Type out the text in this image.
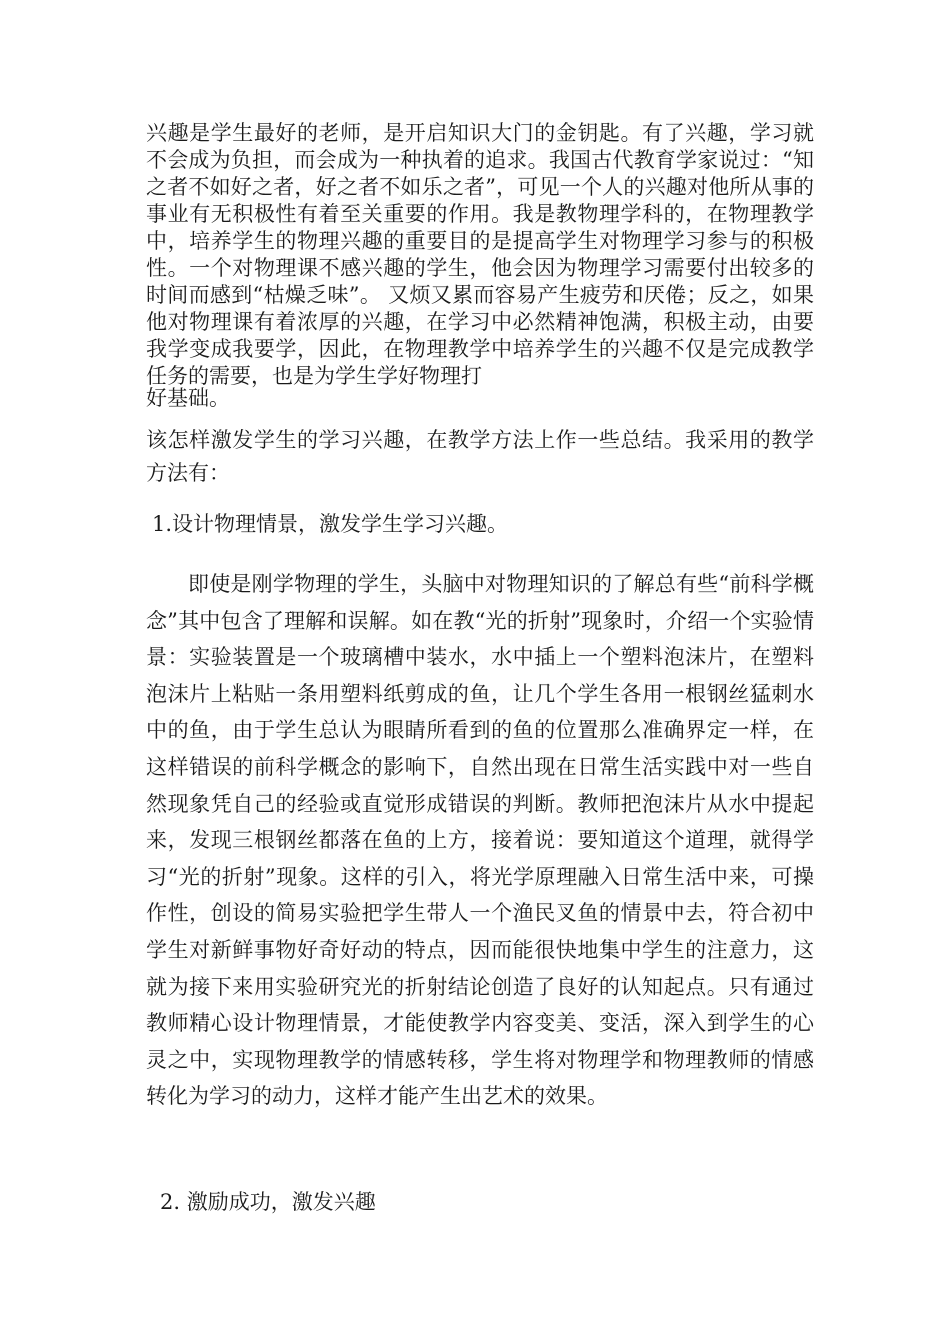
兴趣是学生最好的老师，是开启知识大门的金钥匙。有了兴趣，学习就不会成为负担，而会成为一种执着的追求。我国古代教育学家说过：“知之者不如好之者，好之者不如乐之者”，可见一个人的兴趣对他所从事的事业有无积极性有着至关重要的作用。我是教物理学科的，在物理教学中，培养学生的物理兴趣的重要目的是提高学生对物理学习参与的积极性。一个对物理课不感兴趣的学生，他会因为物理学习需要付出较多的时间而感到“枯燥乏味”。 又烦又累而容易产生疲劳和厌倦；反之，如果他对物理课有着浓厚的兴趣，在学习中必然精神饱满，积极主动，由要我学变成我要学，因此，在物理教学中培养学生的兴趣不仅是完成教学任务的需要，也是为学生学好物理打

好基础。

该怎样激发学生的学习兴趣，在教学方法上作一些总结。我采用的教学方法有：

1.设计物理情景，激发学生学习兴趣。

即使是刚学物理的学生，头脑中对物理知识的了解总有些“前科学概念”其中包含了理解和误解。如在教“光的折射”现象时，介绍一个实验情景：实验装置是一个玻璃槽中装水，水中插上一个塑料泡沫片，在塑料泡沫片上粘贴一条用塑料纸剪成的鱼，让几个学生各用一根钢丝猛刺水中的鱼，由于学生总认为眼睛所看到的鱼的位置那么准确界定一样，在这样错误的前科学概念的影响下，自然出现在日常生活实践中对一些自然现象凭自己的经验或直觉形成错误的判断。教师把泡沫片从水中提起来，发现三根钢丝都落在鱼的上方，接着说：要知道这个道理，就得学习“光的折射”现象。这样的引入，将光学原理融入日常生活中来，可操作性，创设的简易实验把学生带人一个渔民叉鱼的情景中去，符合初中学生对新鲜事物好奇好动的特点，因而能很快地集中学生的注意力，这就为接下来用实验研究光的折射结论创造了良好的认知起点。只有通过教师精心设计物理情景，才能使教学内容变美、变活，深入到学生的心灵之中，实现物理教学的情感转移，学生将对物理学和物理教师的情感转化为学习的动力，这样才能产生出艺术的效果。

2. 激励成功，激发兴趣
